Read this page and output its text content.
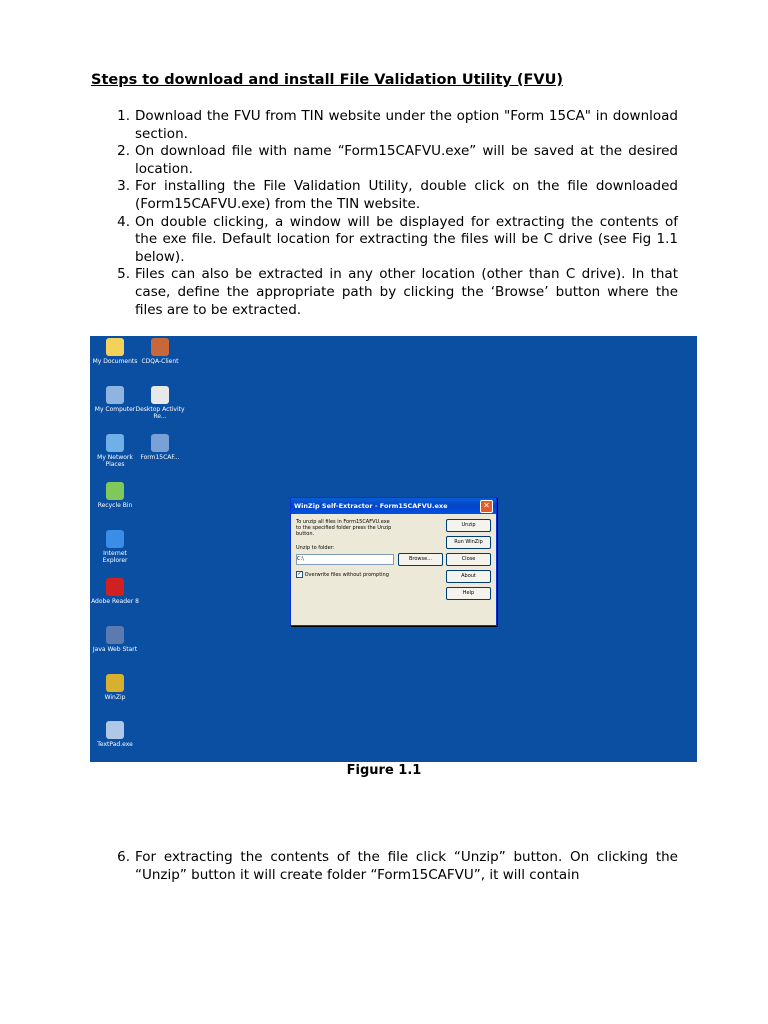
Steps to download and install File Validation Utility (FVU)
1. Download the FVU from TIN website under the option "Form 15CA" in download section.
2. On download file with name “Form15CAFVU.exe” will be saved at the desired location.
3. For installing the File Validation Utility, double click on the file downloaded (Form15CAFVU.exe) from the TIN website.
4. On double clicking, a window will be displayed for extracting the contents of the exe file. Default location for extracting the files will be C drive (see Fig 1.1 below).
5. Files can also be extracted in any other location (other than C drive). In that case, define the appropriate path by clicking the ‘Browse’ button where the files are to be extracted.
My Documents CDQA-Client
My Computer Desktop Activity Re...
My Network Places
Form15CAF...
Recycle Bin
Internet Explorer
Adobe Reader 8
Java Web Start
WinZip
TextPad.exe
WinZip Self-Extractor - Form15CAFVU.exe	✕
To unzip all files in Form15CAFVU.exe to the specified folder press the Unzip button.
Unzip to folder:
C:\	Browse...
✓ Overwrite files without prompting
Unzip
Run WinZip
Close
About
Help
Figure 1.1
6. For extracting the contents of the file click “Unzip” button. On clicking the “Unzip” button it will create folder “Form15CAFVU”, it will contain
